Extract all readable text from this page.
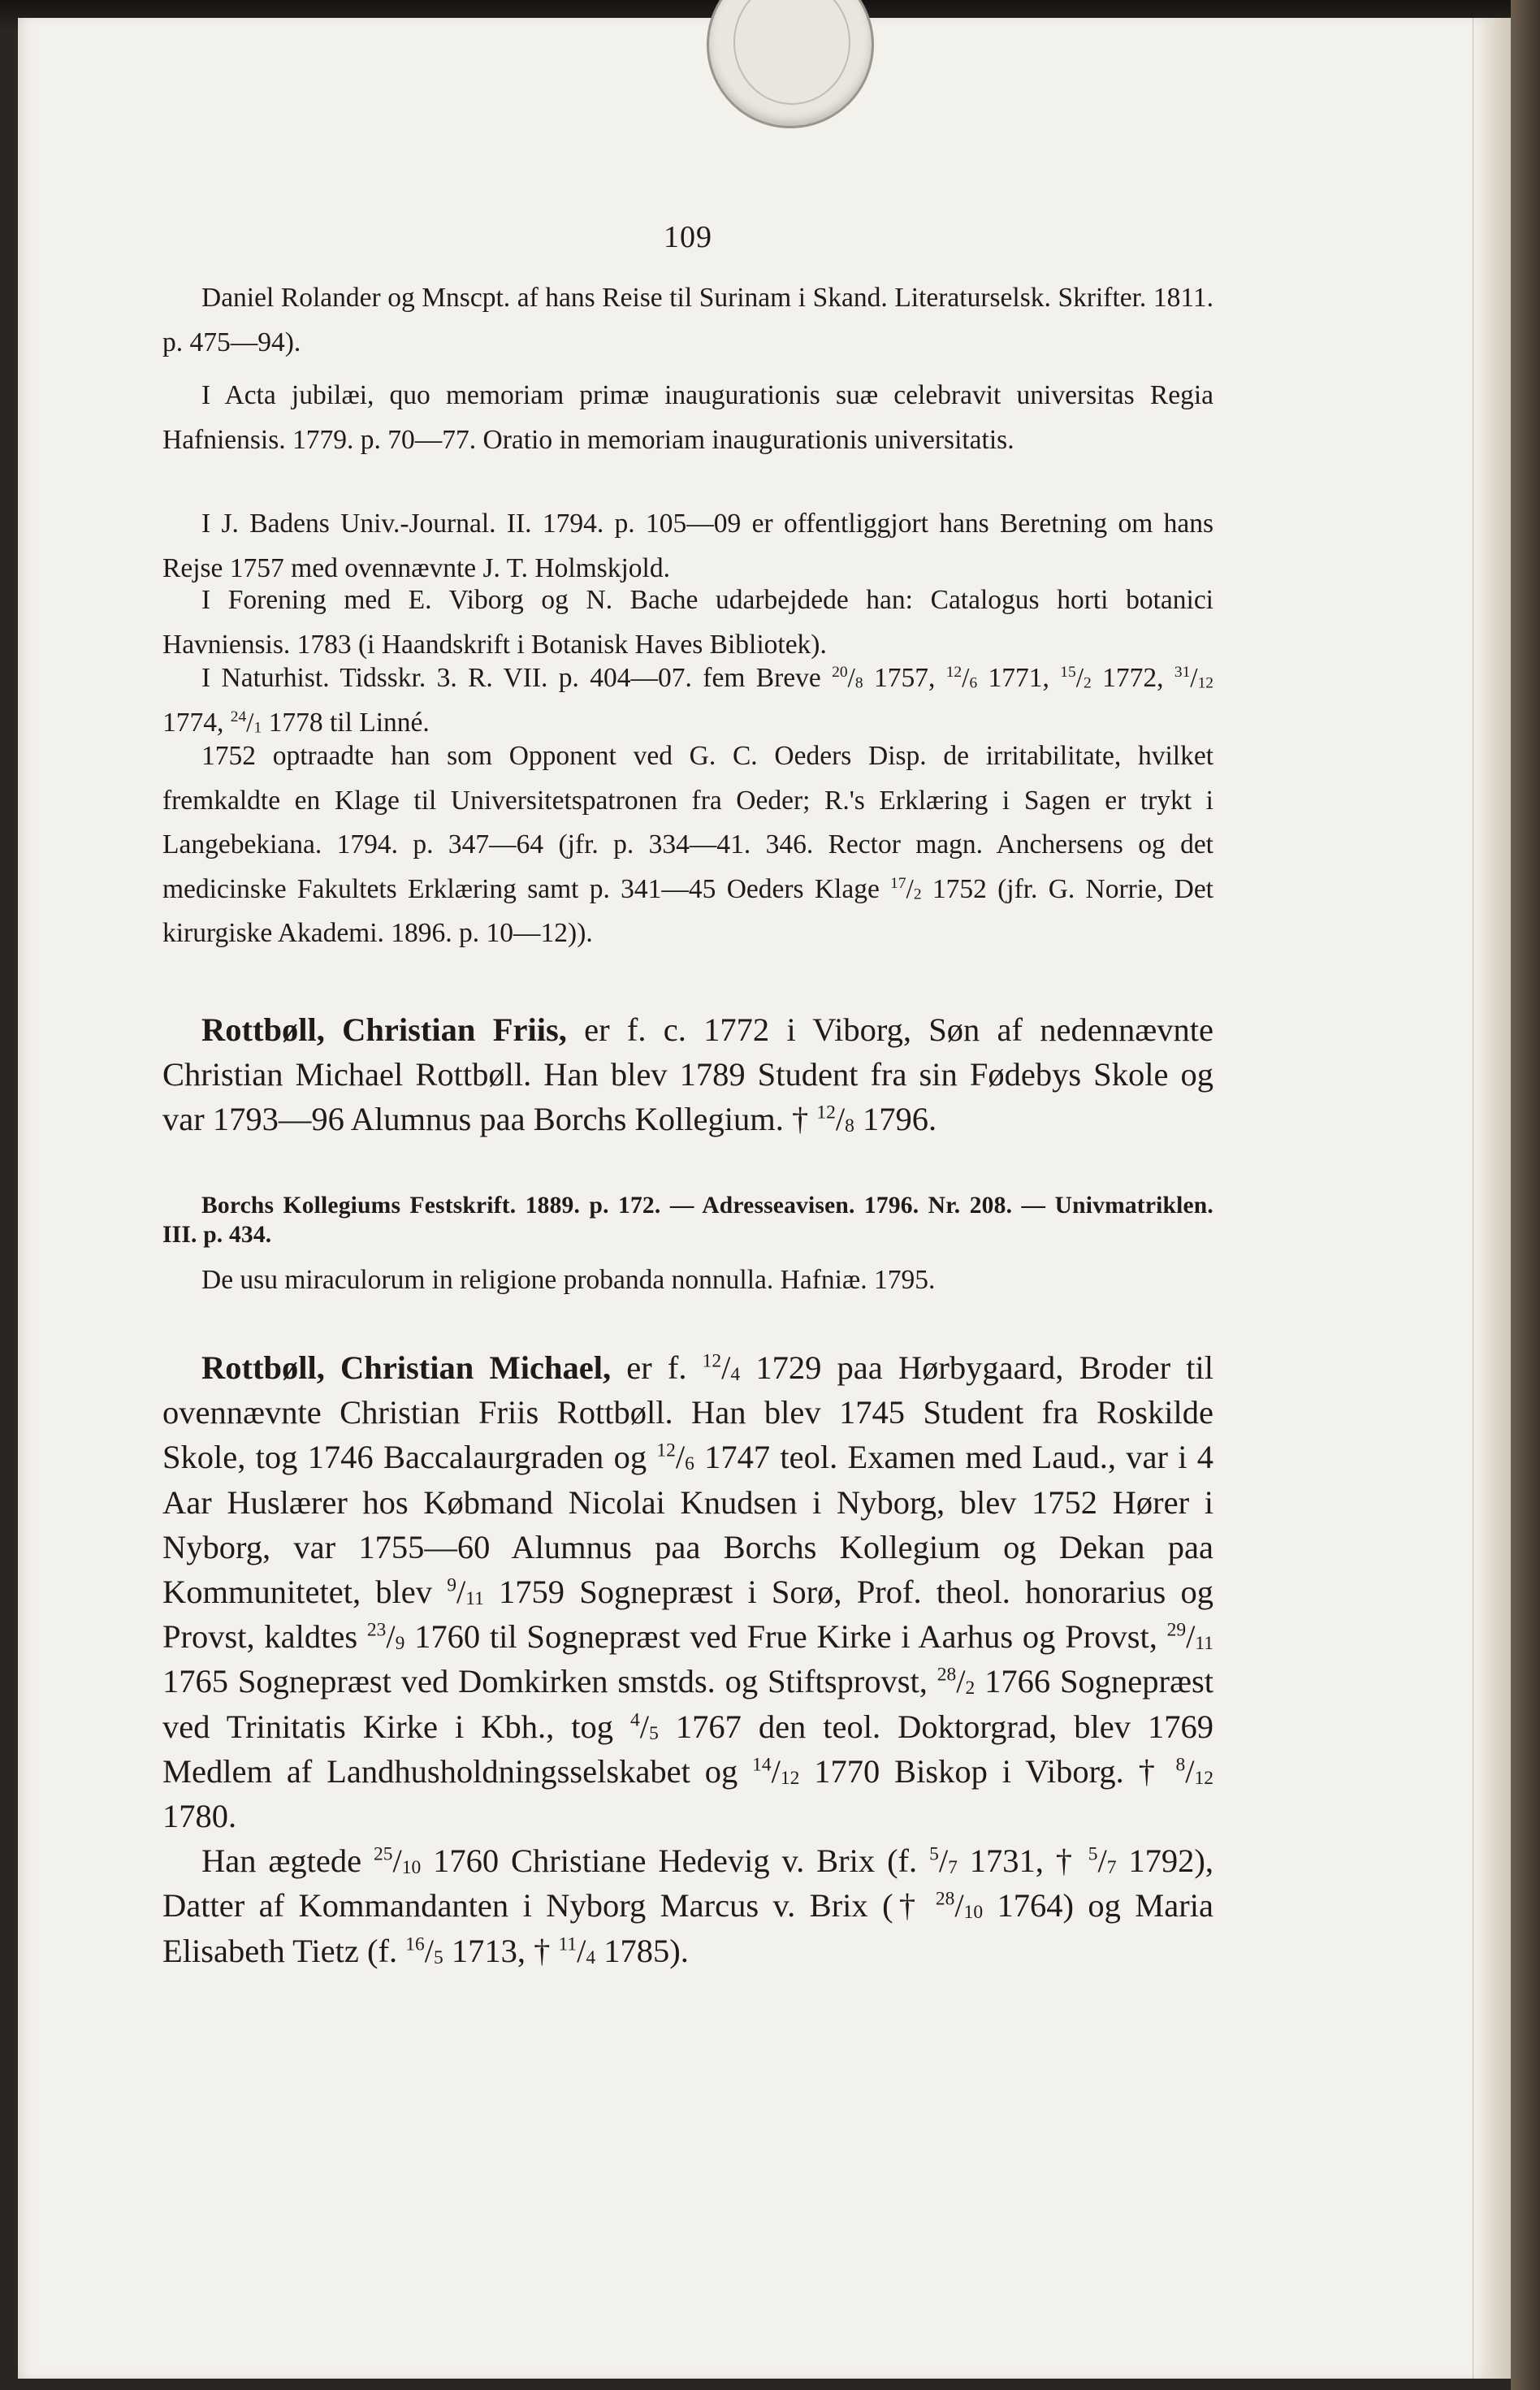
109

Daniel Rolander og Mnscpt. af hans Reise til Surinam i Skand. Literaturselsk. Skrifter. 1811. p. 475—94).

I Acta jubilæi, quo memoriam primæ inaugurationis suæ celebravit universitas Regia Hafniensis. 1779. p. 70—77. Oratio in memoriam inaugurationis universitatis.

I J. Badens Univ.-Journal. II. 1794. p. 105—09 er offentliggjort hans Beretning om hans Rejse 1757 med ovennævnte J. T. Holmskjold.

I Forening med E. Viborg og N. Bache udarbejdede han: Catalogus horti botanici Havniensis. 1783 (i Haandskrift i Botanisk Haves Bibliotek).

I Naturhist. Tidsskr. 3. R. VII. p. 404—07. fem Breve $^{20}/_8$ 1757, $^{12}/_6$ 1771, $^{15}/_2$ 1772, $^{31}/_{12}$ 1774, $^{24}/_1$ 1778 til Linné.

1752 optraadte han som Opponent ved G. C. Oeders Disp. de irritabilitate, hvilket fremkaldte en Klage til Universitetspatronen fra Oeder; R.'s Erklæring i Sagen er trykt i Langebekiana. 1794. p. 347—64 (jfr. p. 334—41. 346. Rector magn. Anchersens og det medicinske Fakultets Erklæring samt p. 341—45 Oeders Klage $^{17}/_2$ 1752 (jfr. G. Norrie, Det kirurgiske Akademi. 1896. p. 10—12)).

Rottbøll, Christian Friis, er f. c. 1772 i Viborg, Søn af nedennævnte Christian Michael Rottbøll. Han blev 1789 Student fra sin Fødebys Skole og var 1793—96 Alumnus paa Borchs Kollegium. † $^{12}/_8$ 1796.

Borchs Kollegiums Festskrift. 1889. p. 172. — Adresseavisen. 1796. Nr. 208. — Univmatriklen. III. p. 434.

De usu miraculorum in religione probanda nonnulla. Hafniæ. 1795.

Rottbøll, Christian Michael, er f. $^{12}/_4$ 1729 paa Hørbygaard, Broder til ovennævnte Christian Friis Rottbøll. Han blev 1745 Student fra Roskilde Skole, tog 1746 Baccalaurgraden og $^{12}/_6$ 1747 teol. Examen med Laud., var i 4 Aar Huslærer hos Købmand Nicolai Knudsen i Nyborg, blev 1752 Hører i Nyborg, var 1755—60 Alumnus paa Borchs Kollegium og Dekan paa Kommunitetet, blev $^9/_{11}$ 1759 Sognepræst i Sorø, Prof. theol. honorarius og Provst, kaldtes $^{23}/_9$ 1760 til Sognepræst ved Frue Kirke i Aarhus og Provst, $^{29}/_{11}$ 1765 Sognepræst ved Domkirken smstds. og Stiftsprovst, $^{28}/_2$ 1766 Sognepræst ved Trinitatis Kirke i Kbh., tog $^4/_5$ 1767 den teol. Doktorgrad, blev 1769 Medlem af Landhusholdningsselskabet og $^{14}/_{12}$ 1770 Biskop i Viborg. † $^8/_{12}$ 1780.

Han ægtede $^{25}/_{10}$ 1760 Christiane Hedevig v. Brix (f. $^5/_7$ 1731, † $^5/_7$ 1792), Datter af Kommandanten i Nyborg Marcus v. Brix († $^{28}/_{10}$ 1764) og Maria Elisabeth Tietz (f. $^{16}/_5$ 1713, † $^{11}/_4$ 1785).
